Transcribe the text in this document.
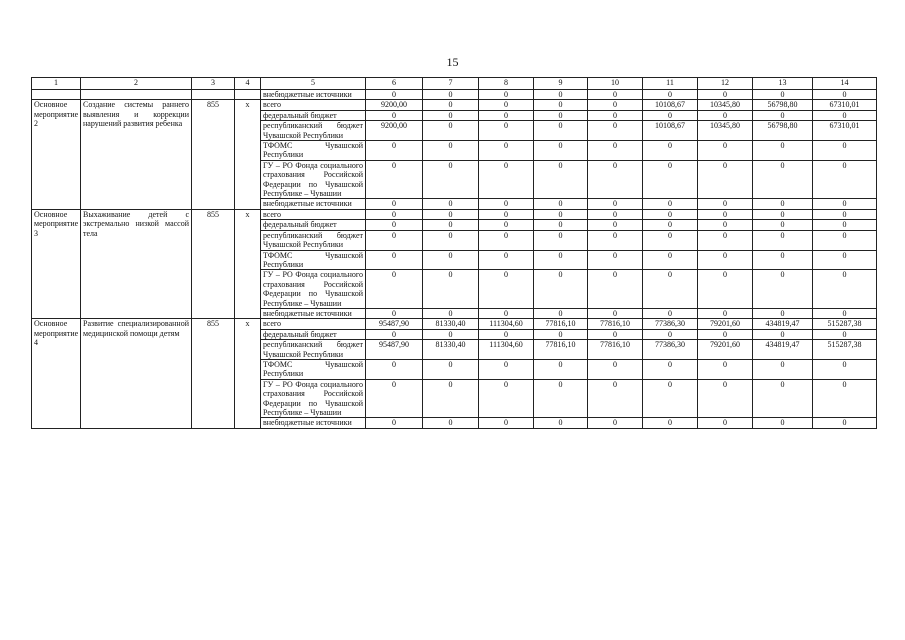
15
1	2	3	4	5	6	7	8	9	10	11	12	13	14
				внебюджетные источники	0	0	0	0	0	0	0	0	0
Основное мероприятие 2	Создание системы раннего выявления и коррекции нарушений развития ребенка	855	x	всего	9200,00	0	0	0	0	10108,67	10345,80	56798,80	67310,01
				федеральный бюджет	0	0	0	0	0	0	0	0	0
				республиканский бюджет Чувашской Республики	9200,00	0	0	0	0	10108,67	10345,80	56798,80	67310,01
				ТФОМС Чувашской Республики	0	0	0	0	0	0	0	0	0
				ГУ – РО Фонда социального страхования Российской Федерации по Чувашской Республике – Чувашии	0	0	0	0	0	0	0	0	0
				внебюджетные источники	0	0	0	0	0	0	0	0	0
Основное мероприятие 3	Выхаживание детей с экстремально низкой массой тела	855	x	всего	0	0	0	0	0	0	0	0	0
				федеральный бюджет	0	0	0	0	0	0	0	0	0
				республиканский бюджет Чувашской Республики	0	0	0	0	0	0	0	0	0
				ТФОМС Чувашской Республики	0	0	0	0	0	0	0	0	0
				ГУ – РО Фонда социального страхования Российской Федерации по Чувашской Республике – Чувашии	0	0	0	0	0	0	0	0	0
				внебюджетные источники	0	0	0	0	0	0	0	0	0
Основное мероприятие 4	Развитие специализированной медицинской помощи детям	855	x	всего	95487,90	81330,40	111304,60	77816,10	77816,10	77386,30	79201,60	434819,47	515287,38
				федеральный бюджет	0	0	0	0	0	0	0	0	0
				республиканский бюджет Чувашской Республики	95487,90	81330,40	111304,60	77816,10	77816,10	77386,30	79201,60	434819,47	515287,38
				ТФОМС Чувашской Республики	0	0	0	0	0	0	0	0	0
				ГУ – РО Фонда социального страхования Российской Федерации по Чувашской Республике – Чувашии	0	0	0	0	0	0	0	0	0
				внебюджетные источники	0	0	0	0	0	0	0	0	0
